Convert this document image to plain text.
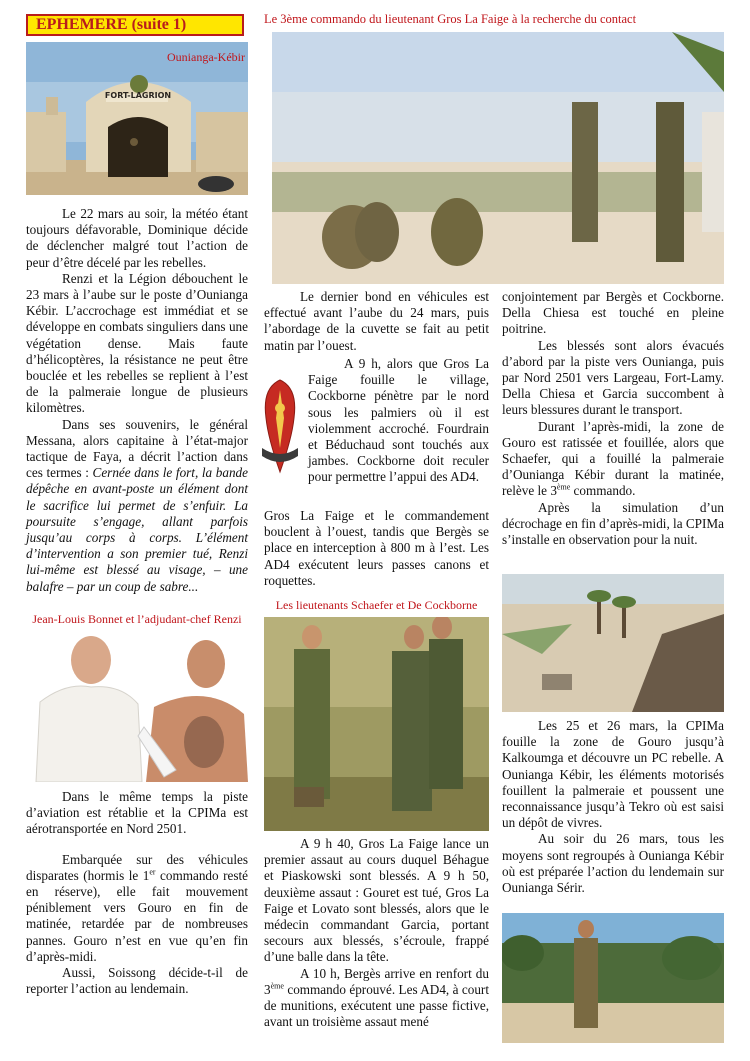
EPHEMERE (suite 1)	Le 3ème commando du lieutenant Gros La Faige à la recherche du contact
FORT-LAGRION
Ounianga-Kébir

Le 22 mars au soir, la météo étant toujours défavorable, Dominique décide de déclencher malgré tout l’action de peur d’être décelé par les rebelles.

Renzi et la Légion débouchent le 23 mars à l’aube sur le poste d’Ounianga Kébir. L’accrochage est immédiat et se développe en combats singuliers dans une végétation dense. Mais faute d’hélicoptères, la résistance ne peut être bouclée et les rebelles se replient à l’est de la palmeraie longue de plusieurs kilomètres.

Dans ses souvenirs, le général Messana, alors capitaine à l’état-major tactique de Faya, a décrit l’action dans ces termes : Cernée dans le fort, la bande dépêche en avant-poste un élément dont le sacrifice lui permet de s’enfuir. La poursuite s’engage, allant parfois jusqu’au corps à corps. L’élément d’intervention a son premier tué, Renzi lui-même est blessé au visage, – une balafre – par un coup de sabre...

Jean-Louis Bonnet et l’adjudant-chef Renzi

Dans le même temps la piste d’aviation est rétablie et la CPIMa est aérotransportée en Nord 2501.

Embarquée sur des véhicules disparates (hormis le 1er commando resté en réserve), elle fait mouvement péniblement vers Gouro en fin de matinée, retardée par de nombreuses pannes. Gouro n’est en vue qu’en fin d’après-midi.

Aussi, Soissong décide-t-il de reporter l’action au lendemain.

Le dernier bond en véhicules est effectué avant l’aube du 24 mars, puis l’abordage de la cuvette se fait au petit matin par l’ouest.

A 9 h, alors que Gros La Faige fouille le village, Cockborne pénètre par le nord sous les palmiers où il est violemment accroché. Fourdrain et Béduchaud sont touchés aux jambes. Cockborne doit reculer pour permettre l’appui des AD4.

Gros La Faige et le commandement bouclent à l’ouest, tandis que Bergès se place en interception à 800 m à l’est. Les AD4 exécutent leurs passes canons et roquettes.

Les lieutenants Schaefer et De Cockborne

A 9 h 40, Gros La Faige lance un premier assaut au cours duquel Béhague et Piaskowski sont blessés. A 9 h 50, deuxième assaut : Gouret est tué, Gros La Faige et Lovato sont blessés, alors que le médecin commandant Garcia, portant secours aux blessés, s’écroule, frappé d’une balle dans la tête.

A 10 h, Bergès arrive en renfort du 3ème commando éprouvé. Les AD4, à court de munitions, exécutent une passe fictive, avant un troisième assaut mené

conjointement par Bergès et Cockborne. Della Chiesa est touché en pleine poitrine.

Les blessés sont alors évacués d’abord par la piste vers Ounianga, puis par Nord 2501 vers Largeau, Fort-Lamy. Della Chiesa et Garcia succombent à leurs blessures durant le transport.

Durant l’après-midi, la zone de Gouro est ratissée et fouillée, alors que Schaefer, qui a fouillé la palmeraie d’Ounianga Kébir durant la matinée, relève le 3ème commando.

Après la simulation d’un décrochage en fin d’après-midi, la CPIMa s’installe en observation pour la nuit.

Les 25 et 26 mars, la CPIMa fouille la zone de Gouro jusqu’à Kalkoumga et découvre un PC rebelle. A Ounianga Kébir, les éléments motorisés fouillent la palmeraie et poussent une reconnaissance jusqu’à Tekro où est saisi un dépôt de vivres.

Au soir du 26 mars, tous les moyens sont regroupés à Ounianga Kébir où est préparée l’action du lendemain sur Ounianga Sérir.
